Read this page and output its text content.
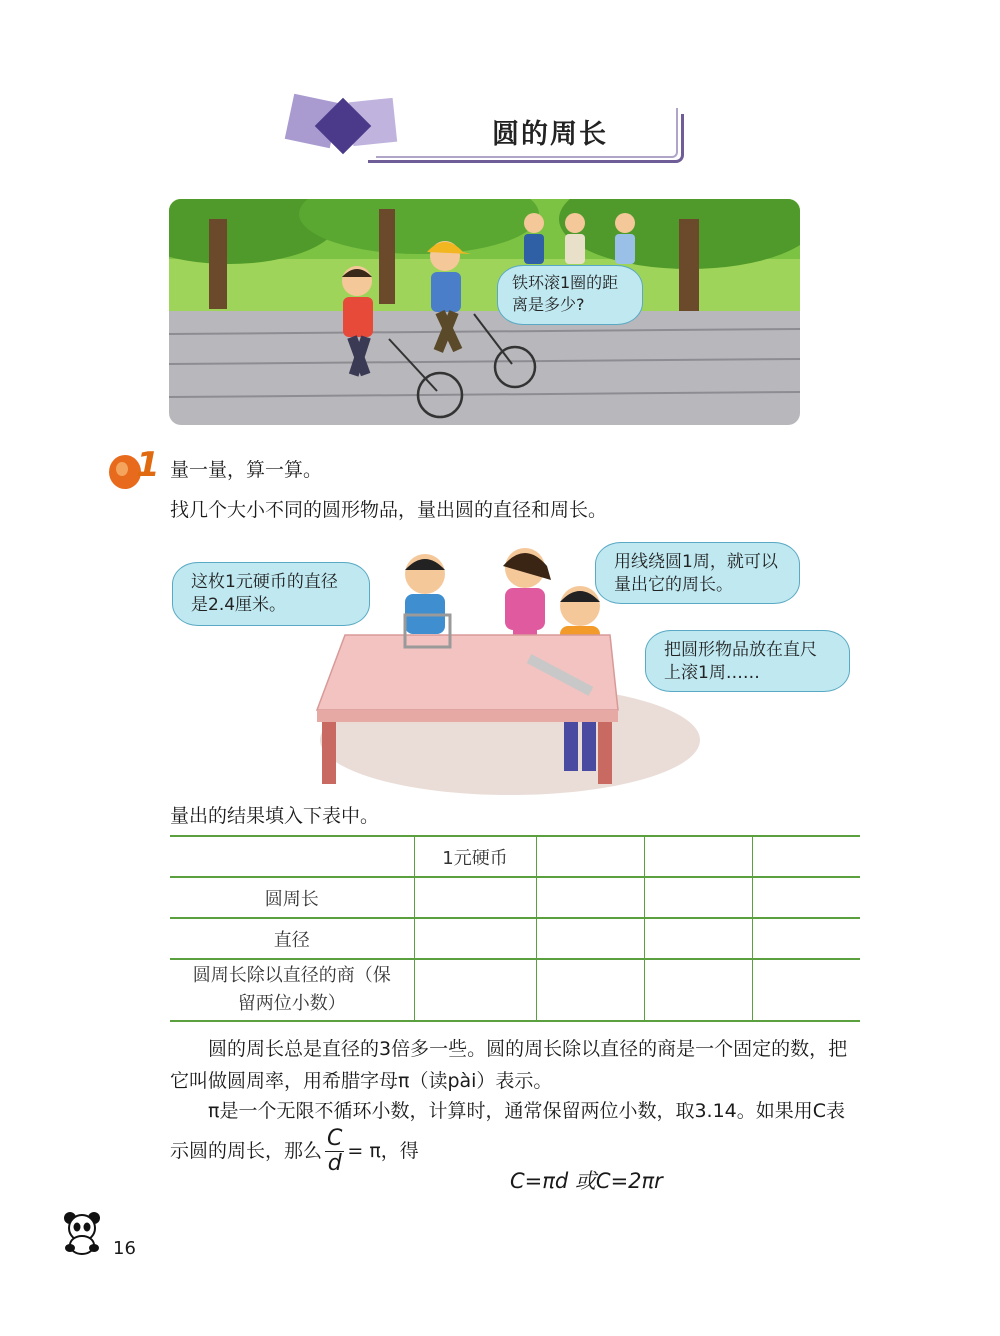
圆的周长
铁环滚1圈的距离是多少?
1 量一量，算一算。
找几个大小不同的圆形物品，量出圆的直径和周长。
这枚1元硬币的直径是2.4厘米。
用线绕圆1周，就可以量出它的周长。
把圆形物品放在直尺上滚1周……
量出的结果填入下表中。
	1元硬币			
圆周长				
直径				
圆周长除以直径的商（保留两位小数）				
圆的周长总是直径的3倍多一些。圆的周长除以直径的商是一个固定的数，把它叫做圆周率，用希腊字母π（读pài）表示。
π是一个无限不循环小数，计算时，通常保留两位小数，取3.14。如果用C表示圆的周长，那么 $\frac{C}{d} = \pi$，得
C=πd 或C=2πr
16
